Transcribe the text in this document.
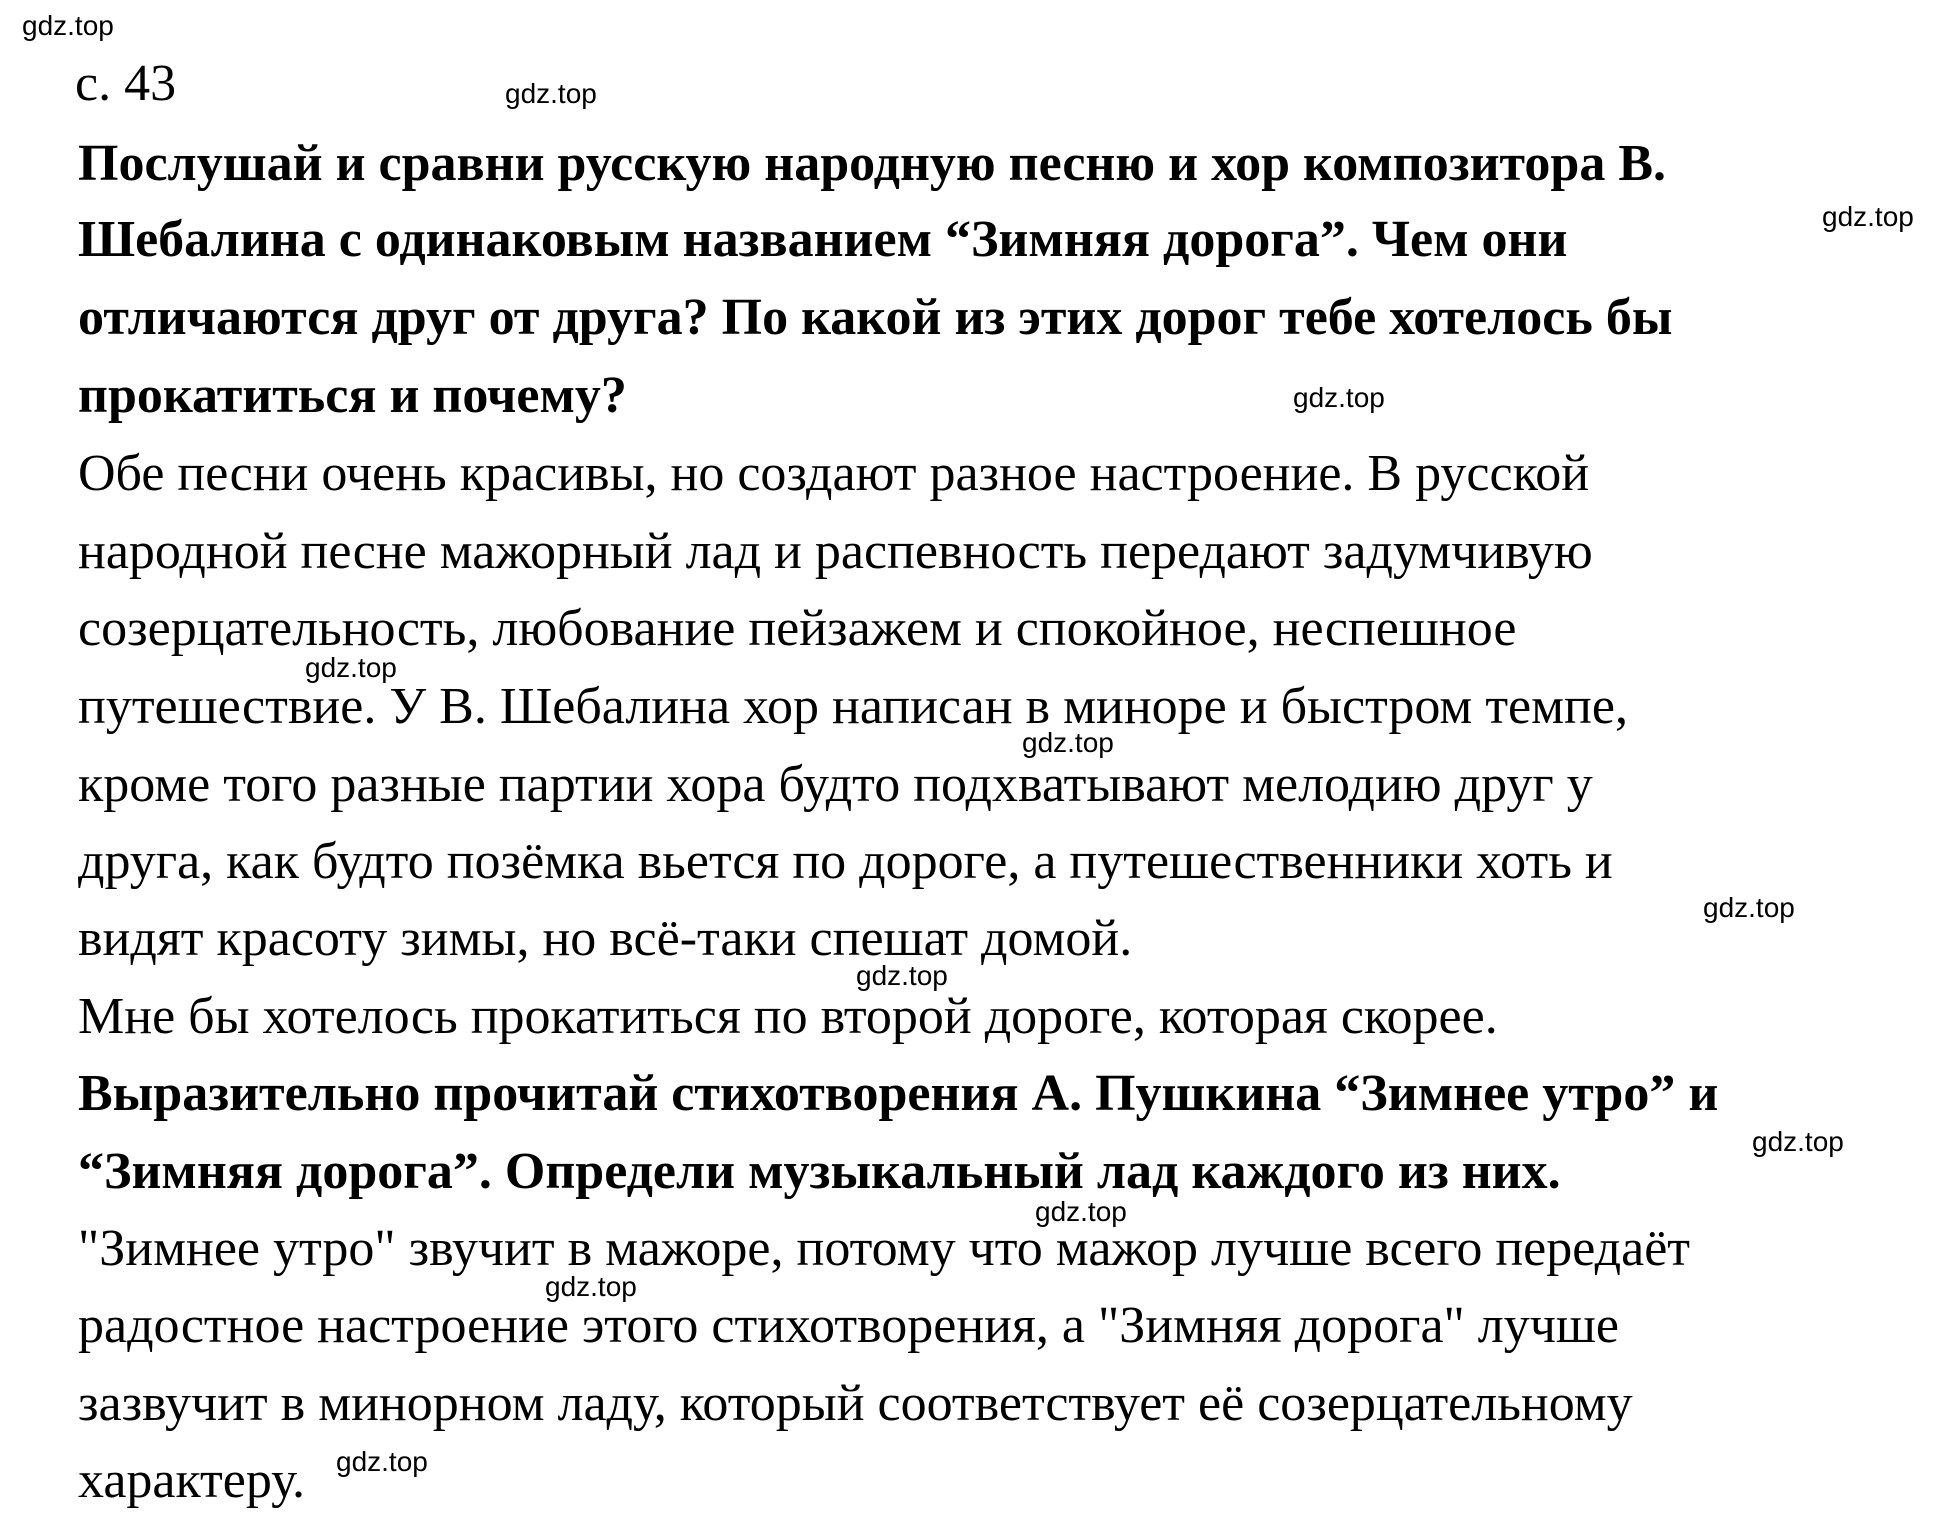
с. 43
Послушай и сравни русскую народную песню и хор композитора В.
Шебалина с одинаковым названием “Зимняя дорога”. Чем они
отличаются друг от друга? По какой из этих дорог тебе хотелось бы
прокатиться и почему?
Обе песни очень красивы, но создают разное настроение. В русской
народной песне мажорный лад и распевность передают задумчивую
созерцательность, любование пейзажем и спокойное, неспешное
путешествие. У В. Шебалина хор написан в миноре и быстром темпе,
кроме того разные партии хора будто подхватывают мелодию друг у
друга, как будто позёмка вьется по дороге, а путешественники хоть и
видят красоту зимы, но всё-таки спешат домой.
Мне бы хотелось прокатиться по второй дороге, которая скорее.
Выразительно прочитай стихотворения А. Пушкина “Зимнее утро” и
“Зимняя дорога”. Определи музыкальный лад каждого из них.
"Зимнее утро" звучит в мажоре, потому что мажор лучше всего передаёт
радостное настроение этого стихотворения, а "Зимняя дорога" лучше
зазвучит в минорном ладу, который соответствует её созерцательному
характеру.
gdz.top
gdz.top
gdz.top
gdz.top
gdz.top
gdz.top
gdz.top
gdz.top
gdz.top
gdz.top
gdz.top
gdz.top
